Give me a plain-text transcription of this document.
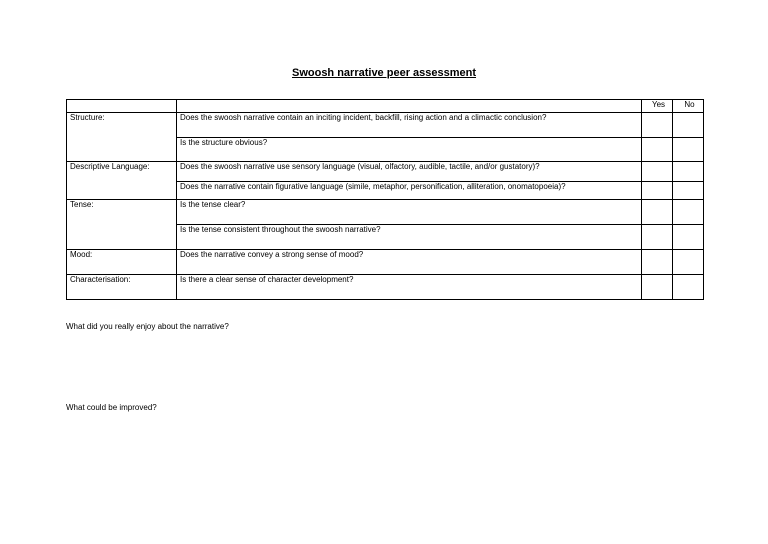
Swoosh narrative peer assessment
		Yes	No
Structure:	Does the swoosh narrative contain an inciting incident, backfill, rising action and a climactic conclusion?		
	Is the structure obvious?		
Descriptive Language:	Does the swoosh narrative use sensory language (visual, olfactory, audible, tactile, and/or gustatory)?		
	Does the narrative contain figurative language (simile, metaphor, personification, alliteration, onomatopoeia)?		
Tense:	Is the tense clear?		
	Is the tense consistent throughout the swoosh narrative?		
Mood:	Does the narrative convey a strong sense of mood?		
Characterisation:	Is there a clear sense of character development?		
What did you really enjoy about the narrative?
What could be improved?
